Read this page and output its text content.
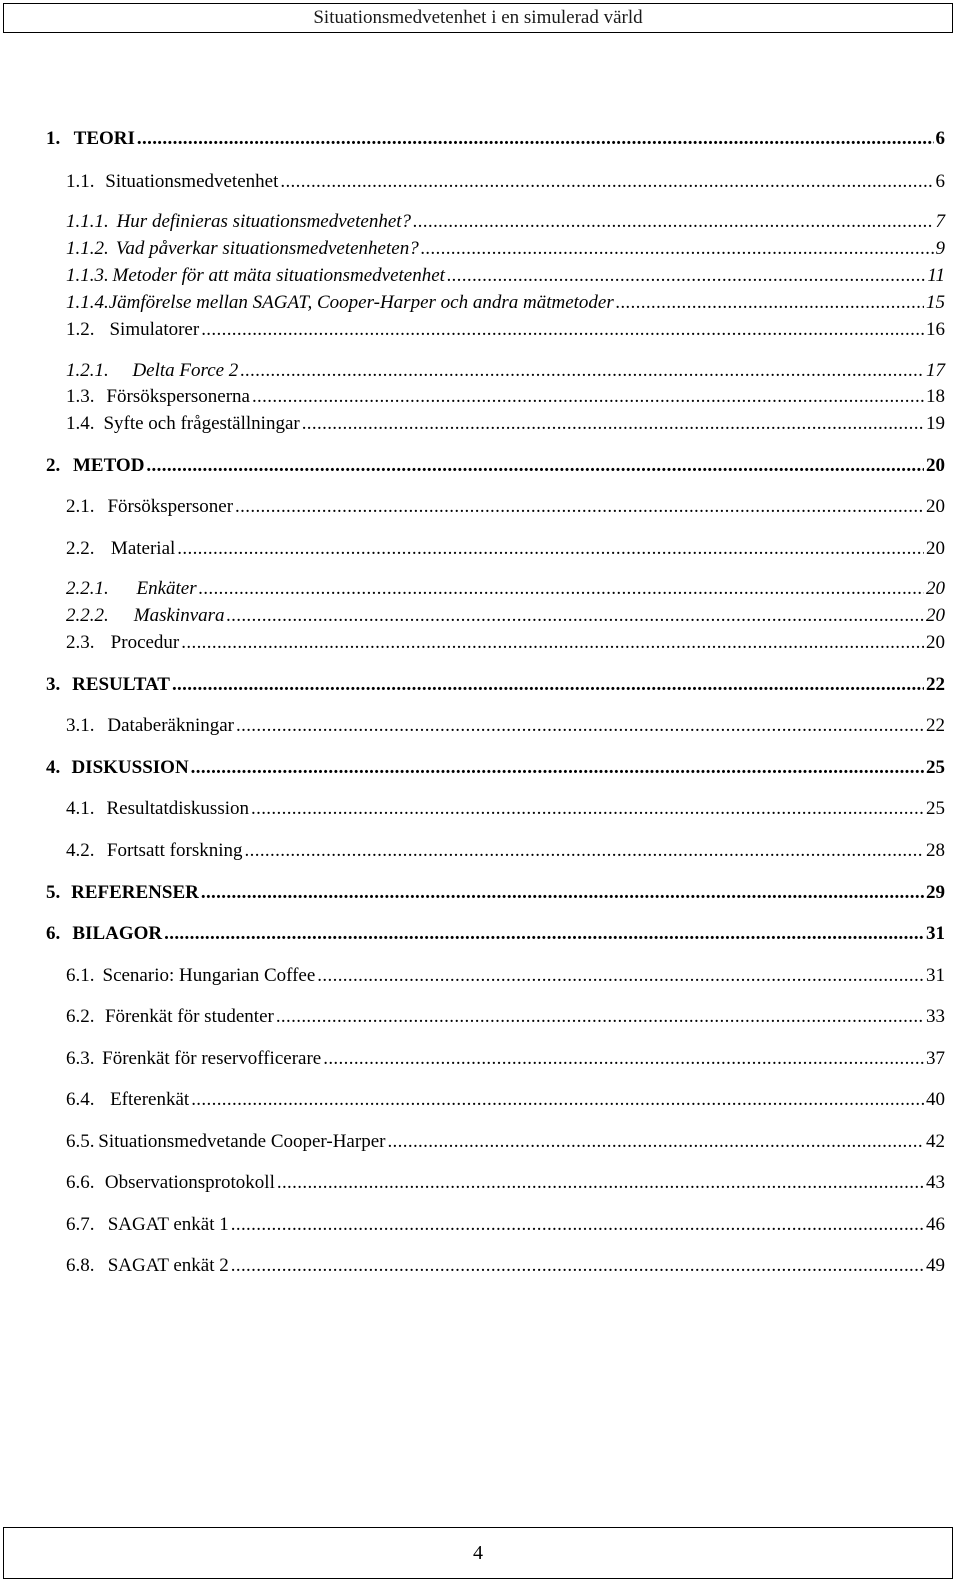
Situationsmedvetenhet i en simulerad värld
1. TEORI . . .	6
1.1. Situationsmedvetenhet . . .	6
1.1.1. Hur definieras situationsmedvetenhet? . . .	7
1.1.2. Vad påverkar situationsmedvetenheten? . . .	9
1.1.3. Metoder för att mäta situationsmedvetenhet . . .	11
1.1.4. Jämförelse mellan SAGAT, Cooper-Harper och andra mätmetoder . . .	15
1.2. Simulatorer . . .	16
1.2.1.	Delta Force 2 . . .	17
1.3. Försökspersonerna . . .	18
1.4. Syfte och frågeställningar . . .	19
2. METOD . . .	20
2.1. Försökspersoner . . .	20
2.2. Material . . .	20
2.2.1.	Enkäter . . .	20
2.2.2.	Maskinvara . . .	20
2.3. Procedur . . .	20
3. RESULTAT . . .	22
3.1. Databeräkningar . . .	22
4. DISKUSSION . . .	25
4.1. Resultatdiskussion . . .	25
4.2. Fortsatt forskning . . .	28
5. REFERENSER . . .	29
6. BILAGOR . . .	31
6.1. Scenario: Hungarian Coffee . . .	31
6.2. Förenkät för studenter . . .	33
6.3. Förenkät för reservofficerare . . .	37
6.4. Efterenkät . . .	40
6.5. Situationsmedvetande Cooper-Harper . . .	42
6.6. Observationsprotokoll . . .	43
6.7. SAGAT enkät 1 . . .	46
6.8. SAGAT enkät 2 . . .	49
4
